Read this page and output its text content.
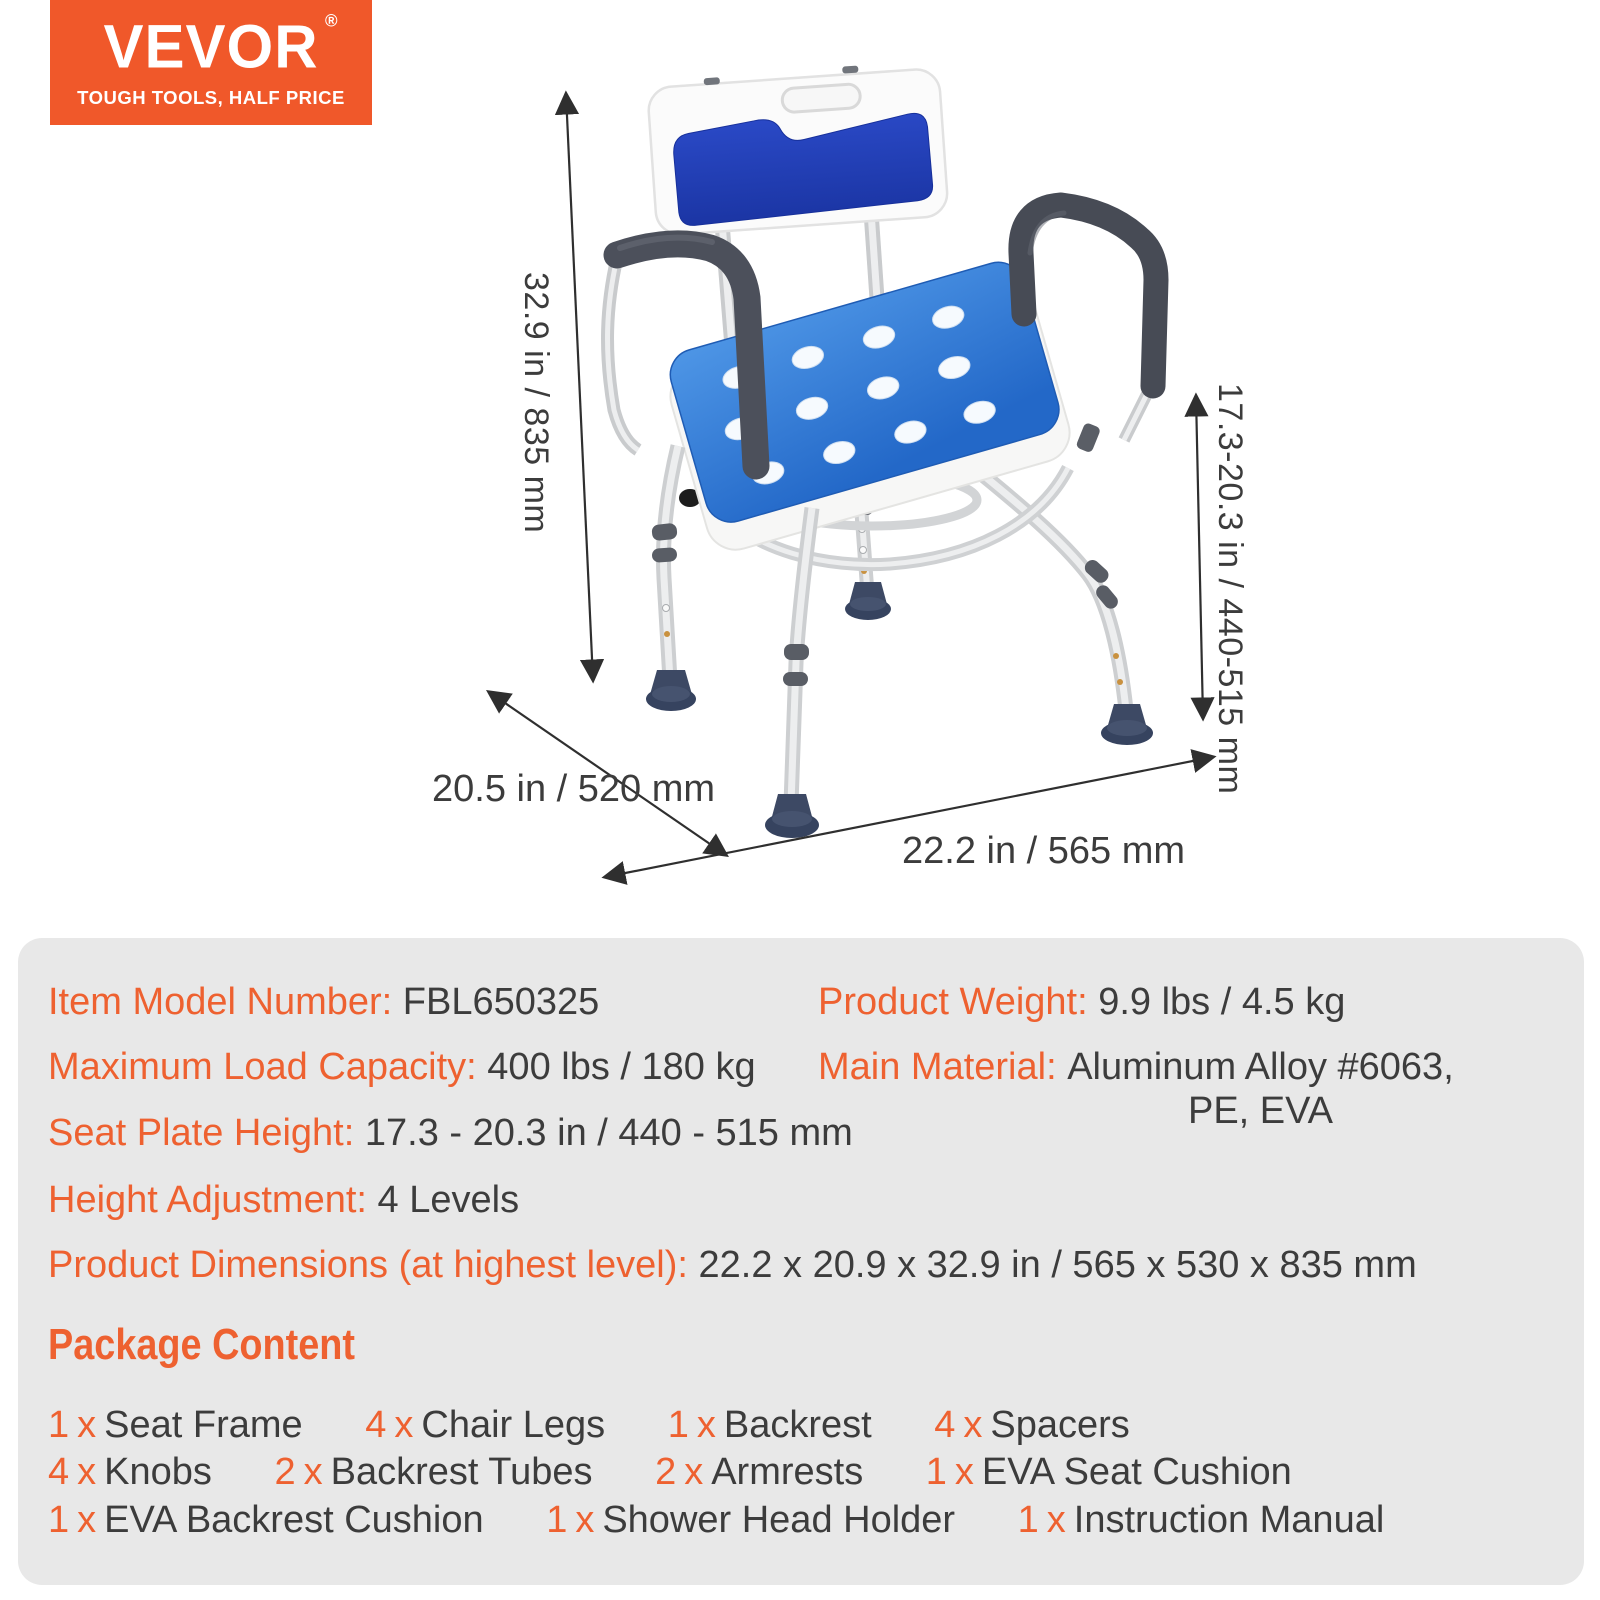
VEVOR ®
TOUGH TOOLS, HALF PRICE
32.9 in / 835 mm	17.3-20.3 in / 440-515 mm
20.5 in / 520 mm
22.2 in / 565 mm

Item Model Number: FBL650325

Maximum Load Capacity: 400 lbs / 180 kg

Seat Plate Height: 17.3 - 20.3 in / 440 - 515 mm

Height Adjustment: 4 Levels

Product Dimensions (at highest level): 22.2 x 20.9 x 32.9 in / 565 x 530 x 835 mm

Product Weight: 9.9 lbs / 4.5 kg

Main Material: Aluminum Alloy #6063,
PE, EVA

Package Content
1 x Seat Frame 4 x Chair Legs 1 x Backrest 4 x Spacers
4 x Knobs 2 x Backrest Tubes 2 x Armrests 1 x EVA Seat Cushion
1 x EVA Backrest Cushion 1 x Shower Head Holder 1 x Instruction Manual
